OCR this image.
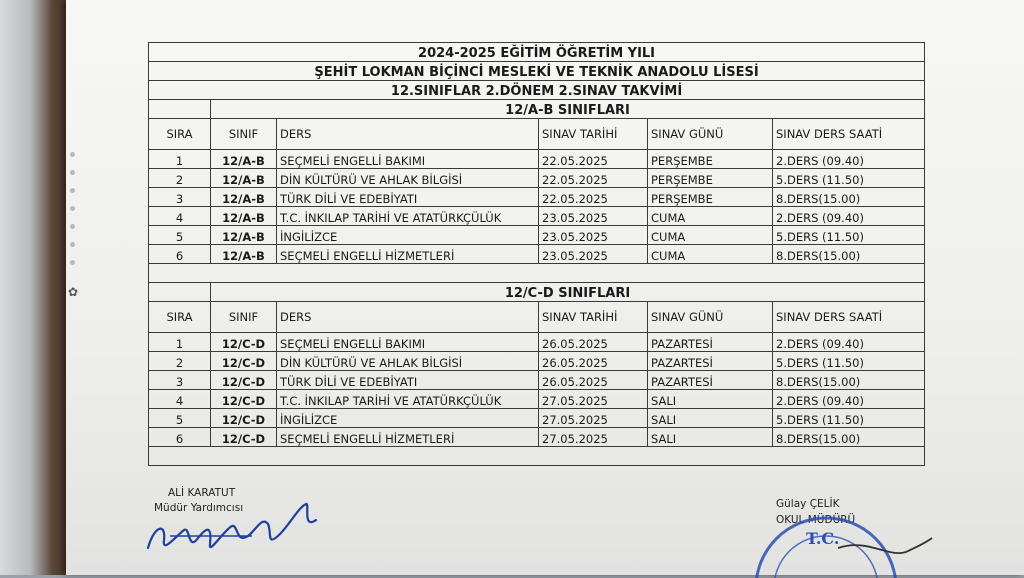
✿
2024-2025 EĞİTİM ÖĞRETİM YILI					
ŞEHİT LOKMAN BİÇİNCİ MESLEKİ VE TEKNİK ANADOLU LİSESİ					
12.SINIFLAR 2.DÖNEM 2.SINAV TAKVİMİ					
	12/A-B SINIFLARI				
SIRA	SINIF	DERS	SINAV TARİHİ	SINAV GÜNÜ	SINAV DERS SAATİ
1	12/A-B	SEÇMELİ ENGELLİ BAKIMI	22.05.2025	PERŞEMBE	2.DERS (09.40)
2	12/A-B	DİN KÜLTÜRÜ VE AHLAK BİLGİSİ	22.05.2025	PERŞEMBE	5.DERS (11.50)
3	12/A-B	TÜRK DİLİ VE EDEBİYATI	22.05.2025	PERŞEMBE	8.DERS(15.00)
4	12/A-B	T.C. İNKILAP TARİHİ VE ATATÜRKÇÜLÜK	23.05.2025	CUMA	2.DERS (09.40)
5	12/A-B	İNGİLİZCE	23.05.2025	CUMA	5.DERS (11.50)
6	12/A-B	SEÇMELİ ENGELLİ HİZMETLERİ	23.05.2025	CUMA	8.DERS(15.00)

	12/C-D SINIFLARI				
SIRA	SINIF	DERS	SINAV TARİHİ	SINAV GÜNÜ	SINAV DERS SAATİ
1	12/C-D	SEÇMELİ ENGELLİ BAKIMI	26.05.2025	PAZARTESİ	2.DERS (09.40)
2	12/C-D	DİN KÜLTÜRÜ VE AHLAK BİLGİSİ	26.05.2025	PAZARTESİ	5.DERS (11.50)
3	12/C-D	TÜRK DİLİ VE EDEBİYATI	26.05.2025	PAZARTESİ	8.DERS(15.00)
4	12/C-D	T.C. İNKILAP TARİHİ VE ATATÜRKÇÜLÜK	27.05.2025	SALI	2.DERS (09.40)
5	12/C-D	İNGİLİZCE	27.05.2025	SALI	5.DERS (11.50)
6	12/C-D	SEÇMELİ ENGELLİ HİZMETLERİ	27.05.2025	SALI	8.DERS(15.00)

ALİ KARATUT
Müdür Yardımcısı	Gülay ÇELİK
OKUL MÜDÜRÜ
T.C.
